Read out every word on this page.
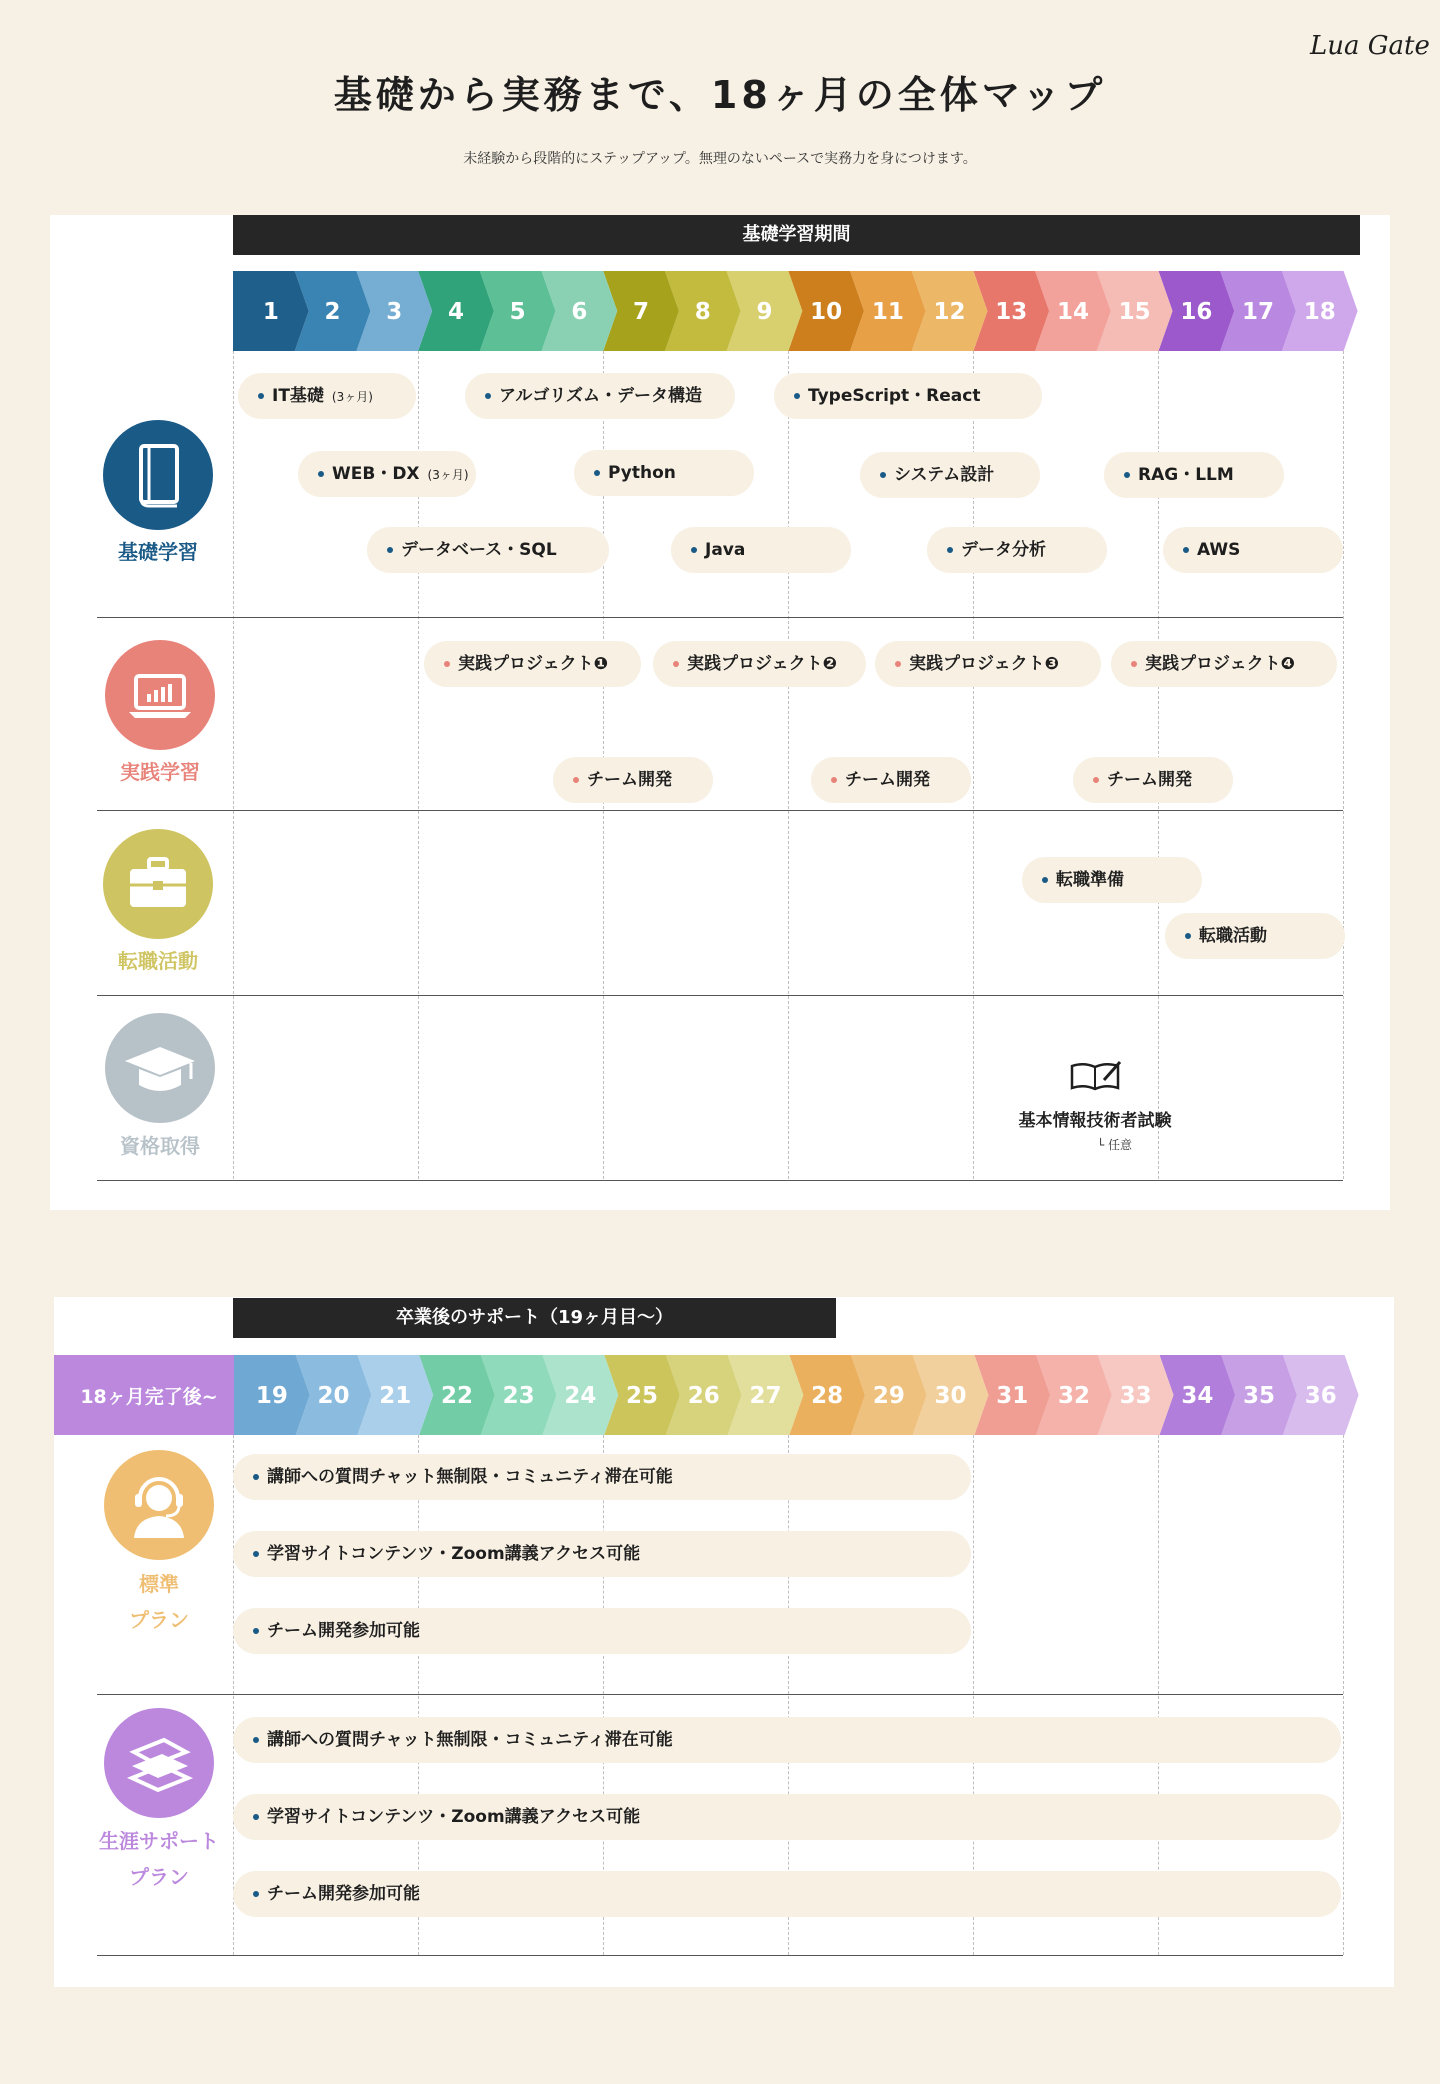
Lua Gate
基礎から実務まで、18ヶ月の全体マップ
未経験から段階的にステップアップ。無理のないペースで実務力を身につけます。
基礎学習期間
1 2 3 4 5 6 7 8 9 10 11 12 13 14 15 16 17 18
基礎学習
実践学習
転職活動
資格取得
IT基礎 (3ヶ月)
WEB・DX (3ヶ月)
データベース・SQL
アルゴリズム・データ構造
Python
Java
TypeScript・React
システム設計
データ分析
RAG・LLM
AWS
実践プロジェクト❶	実践プロジェクト❷	実践プロジェクト❸	実践プロジェクト❹
チーム開発	チーム開発	チーム開発
転職準備
転職活動
基本情報技術者試験
└ 任意
卒業後のサポート（19ヶ月目〜）
18ヶ月完了後~ 19 20 21 22 23 24 25 26 27 28 29 30 31 32 33 34 35 36
標準
プラン
講師への質問チャット無制限・コミュニティ滞在可能
学習サイトコンテンツ・Zoom講義アクセス可能
チーム開発参加可能
生涯サポート
プラン
講師への質問チャット無制限・コミュニティ滞在可能
学習サイトコンテンツ・Zoom講義アクセス可能
チーム開発参加可能
